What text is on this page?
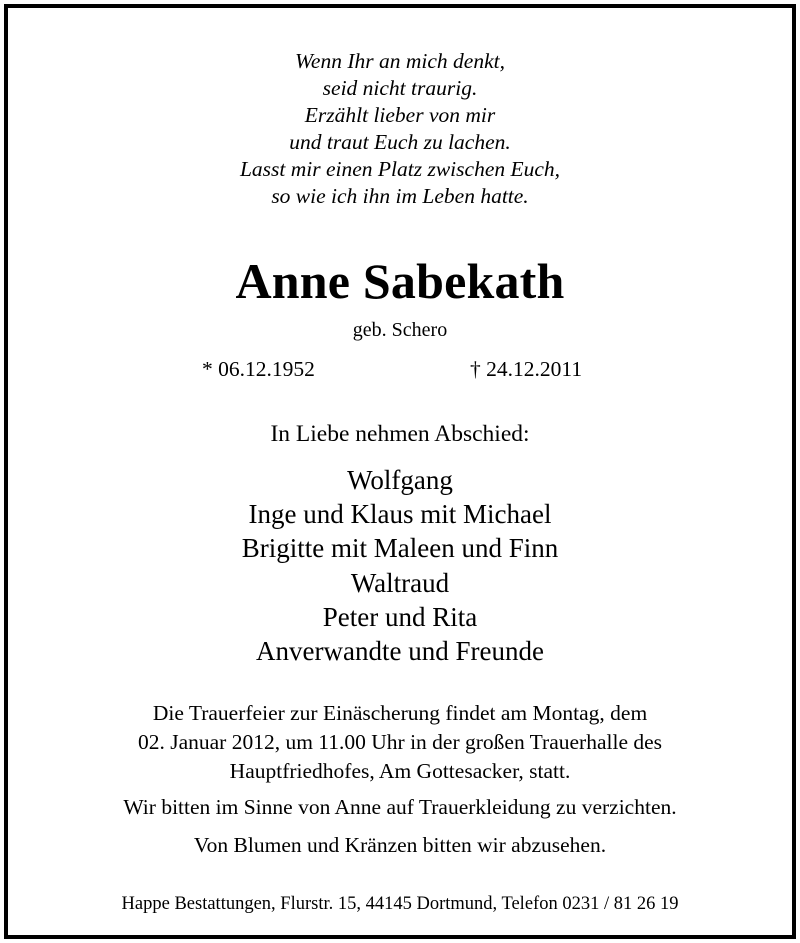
Wenn Ihr an mich denkt,
seid nicht traurig.
Erzählt lieber von mir
und traut Euch zu lachen.
Lasst mir einen Platz zwischen Euch,
so wie ich ihn im Leben hatte.
Anne Sabekath
geb. Schero
* 06.12.1952	† 24.12.2011
In Liebe nehmen Abschied:
Wolfgang
Inge und Klaus mit Michael
Brigitte mit Maleen und Finn
Waltraud
Peter und Rita
Anverwandte und Freunde
Die Trauerfeier zur Einäscherung findet am Montag, dem
02. Januar 2012, um 11.00 Uhr in der großen Trauerhalle des
Hauptfriedhofes, Am Gottesacker, statt.
Wir bitten im Sinne von Anne auf Trauerkleidung zu verzichten.
Von Blumen und Kränzen bitten wir abzusehen.
Happe Bestattungen, Flurstr. 15, 44145 Dortmund, Telefon 0231 / 81 26 19
